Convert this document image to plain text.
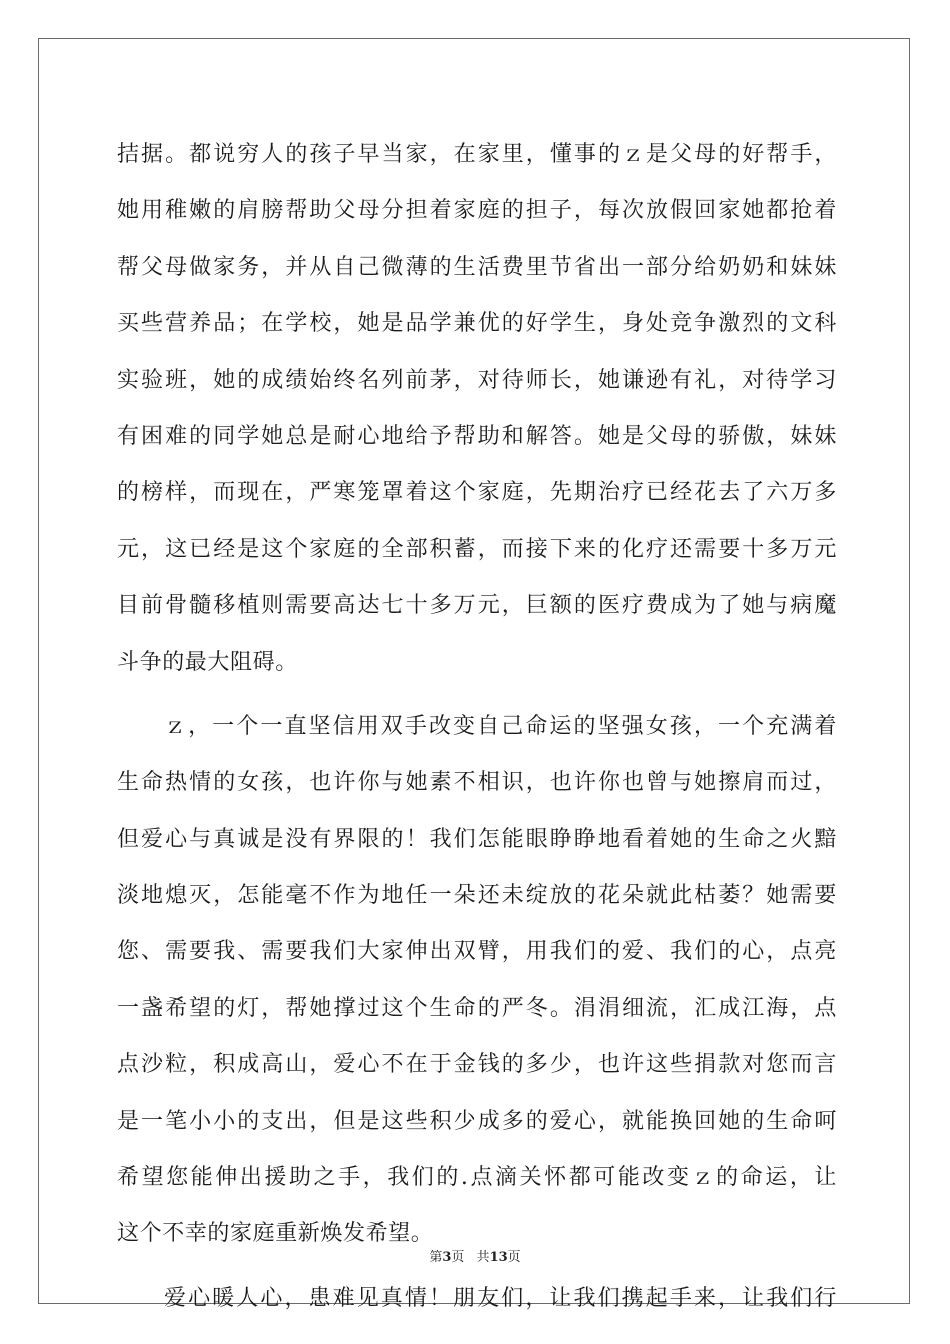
拮据。都说穷人的孩子早当家，在家里，懂事的ｚ是父母的好帮手，
她用稚嫩的肩膀帮助父母分担着家庭的担子，每次放假回家她都抢着
帮父母做家务，并从自己微薄的生活费里节省出一部分给奶奶和妹妹
买些营养品；在学校，她是品学兼优的好学生，身处竞争激烈的文科
实验班，她的成绩始终名列前茅，对待师长，她谦逊有礼，对待学习
有困难的同学她总是耐心地给予帮助和解答。她是父母的骄傲，妹妹
的榜样，而现在，严寒笼罩着这个家庭，先期治疗已经花去了六万多
元，这已经是这个家庭的全部积蓄，而接下来的化疗还需要十多万元
目前骨髓移植则需要高达七十多万元，巨额的医疗费成为了她与病魔
斗争的最大阻碍。
ｚ，一个一直坚信用双手改变自己命运的坚强女孩，一个充满着
生命热情的女孩，也许你与她素不相识，也许你也曾与她擦肩而过，
但爱心与真诚是没有界限的！我们怎能眼睁睁地看着她的生命之火黯
淡地熄灭，怎能毫不作为地任一朵还未绽放的花朵就此枯萎？她需要
您、需要我、需要我们大家伸出双臂，用我们的爱、我们的心，点亮
一盏希望的灯，帮她撑过这个生命的严冬。涓涓细流，汇成江海，点
点沙粒，积成高山，爱心不在于金钱的多少，也许这些捐款对您而言
是一笔小小的支出，但是这些积少成多的爱心，就能换回她的生命呵
希望您能伸出援助之手，我们的.点滴关怀都可能改变ｚ的命运，让
这个不幸的家庭重新焕发希望。
爱心暖人心，患难见真情！朋友们，让我们携起手来，让我们行
第3页 共13页
